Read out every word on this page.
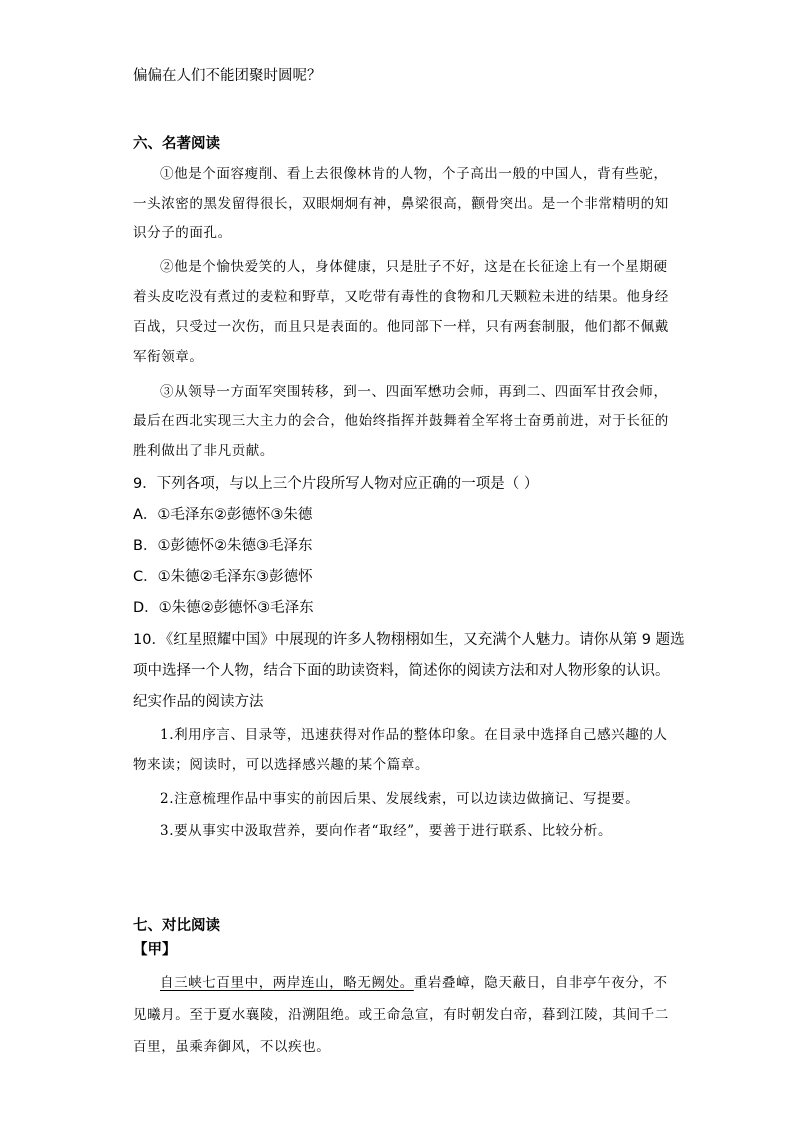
偏偏在人们不能团聚时圆呢？
六、名著阅读
①他是个面容瘦削、看上去很像林肯的人物，个子高出一般的中国人，背有些驼，
一头浓密的黑发留得很长，双眼炯炯有神，鼻梁很高，颧骨突出。是一个非常精明的知
识分子的面孔。
②他是个愉快爱笑的人，身体健康，只是肚子不好，这是在长征途上有一个星期硬
着头皮吃没有煮过的麦粒和野草，又吃带有毒性的食物和几天颗粒未进的结果。他身经
百战，只受过一次伤，而且只是表面的。他同部下一样，只有两套制服，他们都不佩戴
军衔领章。
③从领导一方面军突围转移，到一、四面军懋功会师，再到二、四面军甘孜会师，
最后在西北实现三大主力的会合，他始终指挥并鼓舞着全军将士奋勇前进，对于长征的
胜利做出了非凡贡献。
9．下列各项，与以上三个片段所写人物对应正确的一项是（ ）
A．①毛泽东②彭德怀③朱德
B．①彭德怀②朱德③毛泽东
C．①朱德②毛泽东③彭德怀
D．①朱德②彭德怀③毛泽东
10．《红星照耀中国》中展现的许多人物栩栩如生，又充满个人魅力。请你从第 9 题选
项中选择一个人物，结合下面的助读资料，简述你的阅读方法和对人物形象的认识。
纪实作品的阅读方法
1.利用序言、目录等，迅速获得对作品的整体印象。在目录中选择自己感兴趣的人
物来读；阅读时，可以选择感兴趣的某个篇章。
2.注意梳理作品中事实的前因后果、发展线索，可以边读边做摘记、写提要。
3.要从事实中汲取营养，要向作者“取经”，要善于进行联系、比较分析。
七、对比阅读
【甲】
自三峡七百里中，两岸连山，略无阙处。重岩叠嶂，隐天蔽日，自非亭午夜分，不
见曦月。至于夏水襄陵，沿溯阻绝。或王命急宣，有时朝发白帝，暮到江陵，其间千二
百里，虽乘奔御风，不以疾也。
